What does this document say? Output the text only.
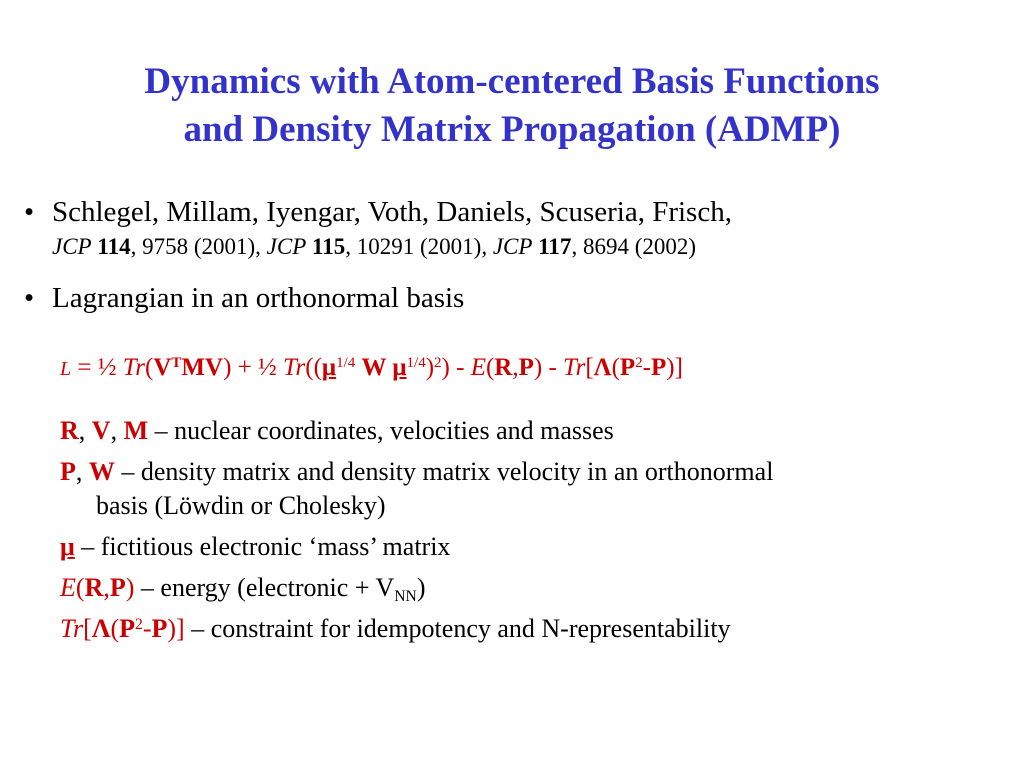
Dynamics with Atom-centered Basis Functions
and Density Matrix Propagation (ADMP)
• Schlegel, Millam, Iyengar, Voth, Daniels, Scuseria, Frisch,
JCP 114, 9758 (2001), JCP 115, 10291 (2001), JCP 117, 8694 (2002)
• Lagrangian in an orthonormal basis
L = ½ $Tr(V^TMV)$ + ½ $Tr((\mu^{1/4}$ W $\mu^{1/4})^2) - E(R,P) - Tr[\Lambda(P^2-P)]$
R, V, M – nuclear coordinates, velocities and masses
P, W – density matrix and density matrix velocity in an orthonormal
basis (Löwdin or Cholesky)
μ – fictitious electronic ‘mass’ matrix
E(R,P) – energy (electronic + $V_{NN}$)
$Tr[\Lambda(P^2-P)]$ – constraint for idempotency and N-representability
